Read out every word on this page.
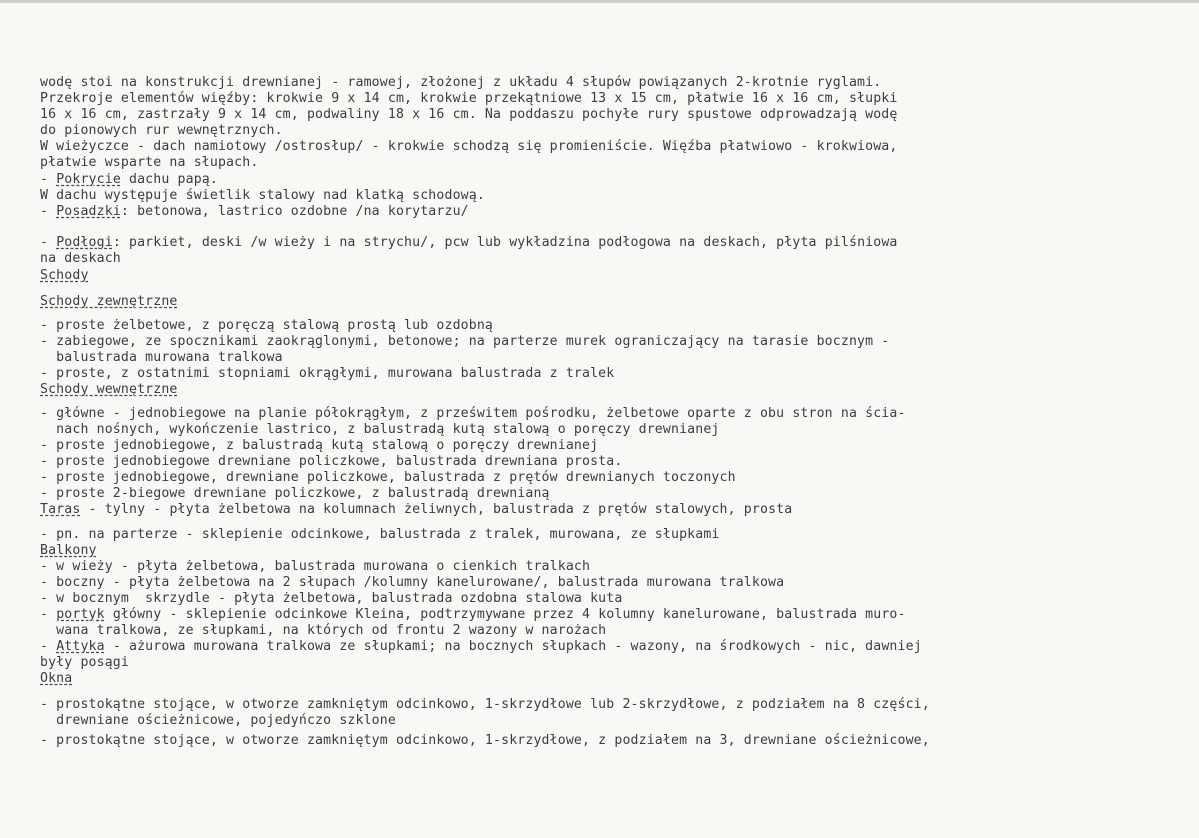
wodę stoi na konstrukcji drewnianej - ramowej, złożonej z układu 4 słupów powiązanych 2-krotnie ryglami.
Przekroje elementów więźby: krokwie 9 x 14 cm, krokwie przekątniowe 13 x 15 cm, płatwie 16 x 16 cm, słupki
16 x 16 cm, zastrzały 9 x 14 cm, podwaliny 18 x 16 cm. Na poddaszu pochyłe rury spustowe odprowadzają wodę
do pionowych rur wewnętrznych.
W wieżyczce - dach namiotowy /ostrosłup/ - krokwie schodzą się promieniście. Więźba płatwiowo - krokwiowa,
płatwie wsparte na słupach.
- Pokrycie dachu papą.
W dachu występuje świetlik stalowy nad klatką schodową.
- Posadzki: betonowa, lastrico ozdobne /na korytarzu/
- Podłogi: parkiet, deski /w wieży i na strychu/, pcw lub wykładzina podłogowa na deskach, płyta pilśniowa
na deskach
Schody
Schody zewnętrzne
- proste żelbetowe, z poręczą stalową prostą lub ozdobną
- zabiegowe, ze spocznikami zaokrąglonymi, betonowe; na parterze murek ograniczający na tarasie bocznym -
balustrada murowana tralkowa
- proste, z ostatnimi stopniami okrągłymi, murowana balustrada z tralek
Schody wewnętrzne
- główne - jednobiegowe na planie półokrągłym, z prześwitem pośrodku, żelbetowe oparte z obu stron na ścia-
nach nośnych, wykończenie lastrico, z balustradą kutą stalową o poręczy drewnianej
- proste jednobiegowe, z balustradą kutą stalową o poręczy drewnianej
- proste jednobiegowe drewniane policzkowe, balustrada drewniana prosta.
- proste jednobiegowe, drewniane policzkowe, balustrada z prętów drewnianych toczonych
- proste 2-biegowe drewniane policzkowe, z balustradą drewnianą
Taras - tylny - płyta żelbetowa na kolumnach żeliwnych, balustrada z prętów stalowych, prosta
- pn. na parterze - sklepienie odcinkowe, balustrada z tralek, murowana, ze słupkami
Balkony
- w wieży - płyta żelbetowa, balustrada murowana o cienkich tralkach
- boczny - płyta żelbetowa na 2 słupach /kolumny kanelurowane/, balustrada murowana tralkowa
- w bocznym  skrzydle - płyta żelbetowa, balustrada ozdobna stalowa kuta
- portyk główny - sklepienie odcinkowe Kleina, podtrzymywane przez 4 kolumny kanelurowane, balustrada muro-
wana tralkowa, ze słupkami, na których od frontu 2 wazony w narożach
- Attyka - ażurowa murowana tralkowa ze słupkami; na bocznych słupkach - wazony, na środkowych - nic, dawniej
były posągi
Okna
- prostokątne stojące, w otworze zamkniętym odcinkowo, 1-skrzydłowe lub 2-skrzydłowe, z podziałem na 8 części,
drewniane ościeżnicowe, pojedyńczo szklone
- prostokątne stojące, w otworze zamkniętym odcinkowo, 1-skrzydłowe, z podziałem na 3, drewniane ościeżnicowe,
